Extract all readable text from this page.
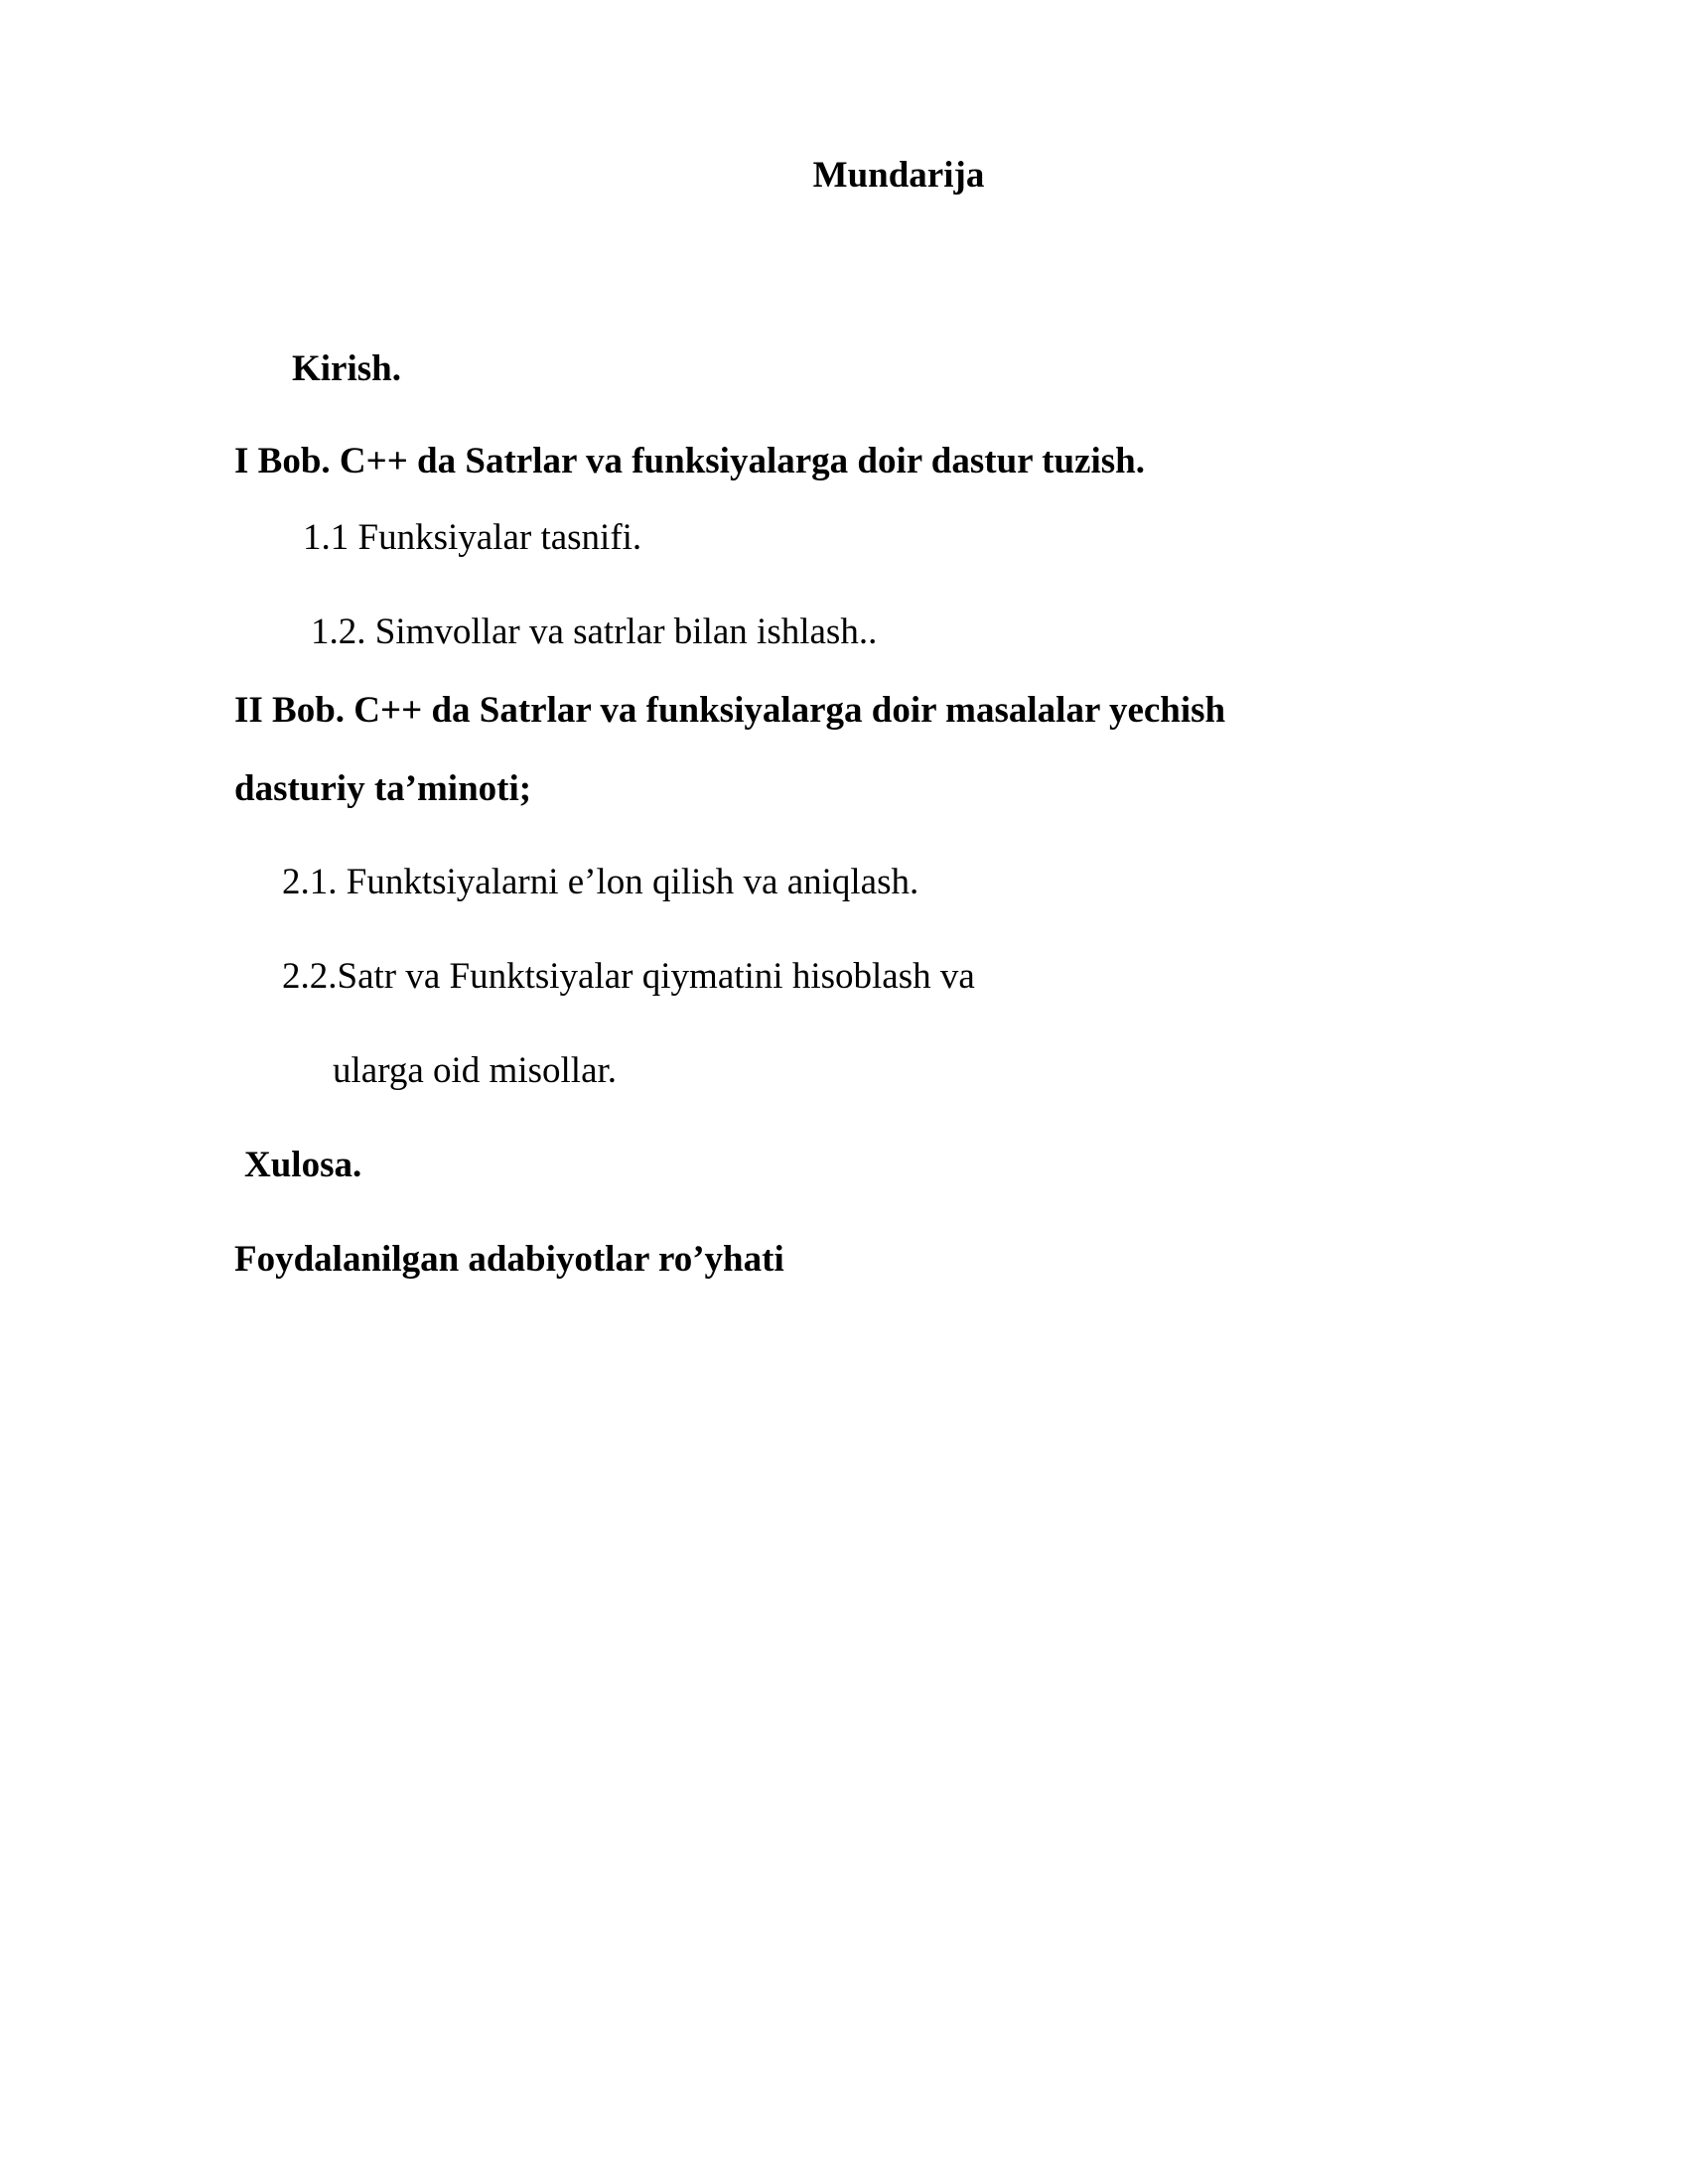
Mundarija
Kirish.
I Bob. C++ da Satrlar va funksiyalarga doir dastur tuzish.
1.1 Funksiyalar tasnifi.
1.2. Simvollar va satrlar bilan ishlash..
II Bob. C++ da Satrlar va funksiyalarga doir masalalar yechish
dasturiy ta’minoti;
2.1. Funktsiyalarni e’lon qilish va aniqlash.
2.2.Satr va Funktsiyalar qiymatini hisoblash va
ularga oid misollar.
Xulosa.
Foydalanilgan adabiyotlar ro’yhati
